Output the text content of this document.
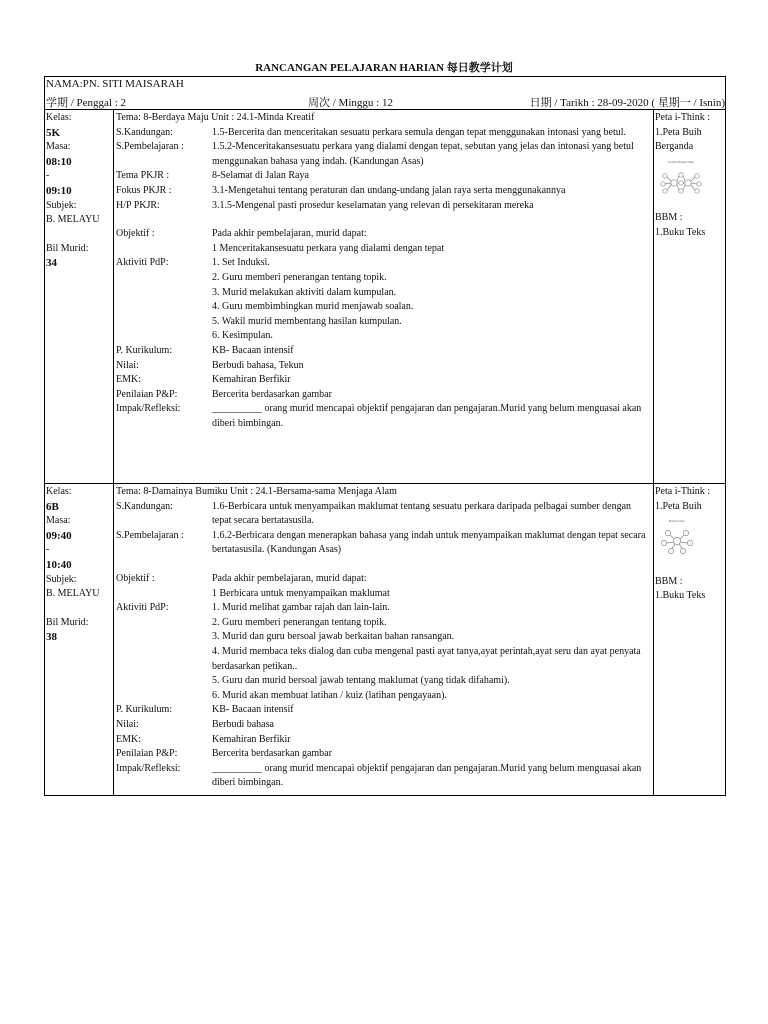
RANCANGAN PELAJARAN HARIAN 每日教学计划
NAMA:PN. SITI MAISARAH
学期 / Penggal : 2	周次 / Minggu : 12	日期 / Tarikh : 28-09-2020 ( 星期一 / Isnin)
Kelas:
5K
Masa:
08:10
-
09:10
Subjek:
B. MELAYU
Bil Murid:
34
Tema: 8-Berdaya Maju Unit : 24.1-Minda Kreatif
S.Kandungan:	1.5-Bercerita dan menceritakan sesuatu perkara semula dengan tepat menggunakan intonasi yang betul.
S.Pembelajaran :	1.5.2-Menceritakansesuatu perkara yang dialami dengan tepat, sebutan yang jelas dan intonasi yang betul menggunakan bahasa yang indah. (Kandungan Asas)
Tema PKJR :	8-Selamat di Jalan Raya
Fokus PKJR :	3.1-Mengetahui tentang peraturan dan undang-undang jalan raya serta menggunakannya
H/P PKJR:	3.1.5-Mengenal pasti prosedur keselamatan yang relevan di persekitaran mereka
Objektif :	Pada akhir pembelajaran, murid dapat:
1 Menceritakansesuatu perkara yang dialami dengan tepat
Aktiviti PdP:	1. Set Induksi.
2. Guru memberi penerangan tentang topik.
3. Murid melakukan aktiviti dalam kumpulan.
4. Guru membimbingkan murid menjawab soalan.
5. Wakil murid membentang hasilan kumpulan.
6. Kesimpulan.
P. Kurikulum:	KB- Bacaan intensif
Nilai:	Berbudi bahasa, Tekun
EMK:	Kemahiran Berfikir
Penilaian P&P:	Bercerita berdasarkan gambar
Impak/Refleksi:	__________ orang murid mencapai objektif pengajaran dan pengajaran.Murid yang belum menguasai akan diberi bimbingan.
Peta i-Think :
1.Peta Buih
Berganda
Double Bubble Map
BBM :
1.Buku Teks
Kelas:
6B
Masa:
09:40
-
10:40
Subjek:
B. MELAYU
Bil Murid:
38
Tema: 8-Damainya Bumiku Unit : 24.1-Bersama-sama Menjaga Alam
S.Kandungan:	1.6-Berbicara untuk menyampaikan maklumat tentang sesuatu perkara daripada pelbagai sumber dengan tepat secara bertatasusila.
S.Pembelajaran :	1.6.2-Berbicara dengan menerapkan bahasa yang indah untuk menyampaikan maklumat dengan tepat secara bertatasusila. (Kandungan Asas)
Objektif :	Pada akhir pembelajaran, murid dapat:
1 Berbicara untuk menyampaikan maklumat
Aktiviti PdP:	1. Murid melihat gambar rajah dan lain-lain.
2. Guru memberi penerangan tentang topik.
3. Murid dan guru bersoal jawab berkaitan bahan ransangan.
4. Murid membaca teks dialog dan cuba mengenal pasti ayat tanya,ayat perintah,ayat seru dan ayat penyata berdasarkan petikan..
5. Guru dan murid bersoal jawab tentang maklumat (yang tidak difahami).
6. Murid akan membuat latihan / kuiz (latihan pengayaan).
P. Kurikulum:	KB- Bacaan intensif
Nilai:	Berbudi bahasa
EMK:	Kemahiran Berfikir
Penilaian P&P:	Bercerita berdasarkan gambar
Impak/Refleksi:	__________ orang murid mencapai objektif pengajaran dan pengajaran.Murid yang belum menguasai akan diberi bimbingan.
Peta i-Think :
1.Peta Buih
Bubble Map
BBM :
1.Buku Teks
